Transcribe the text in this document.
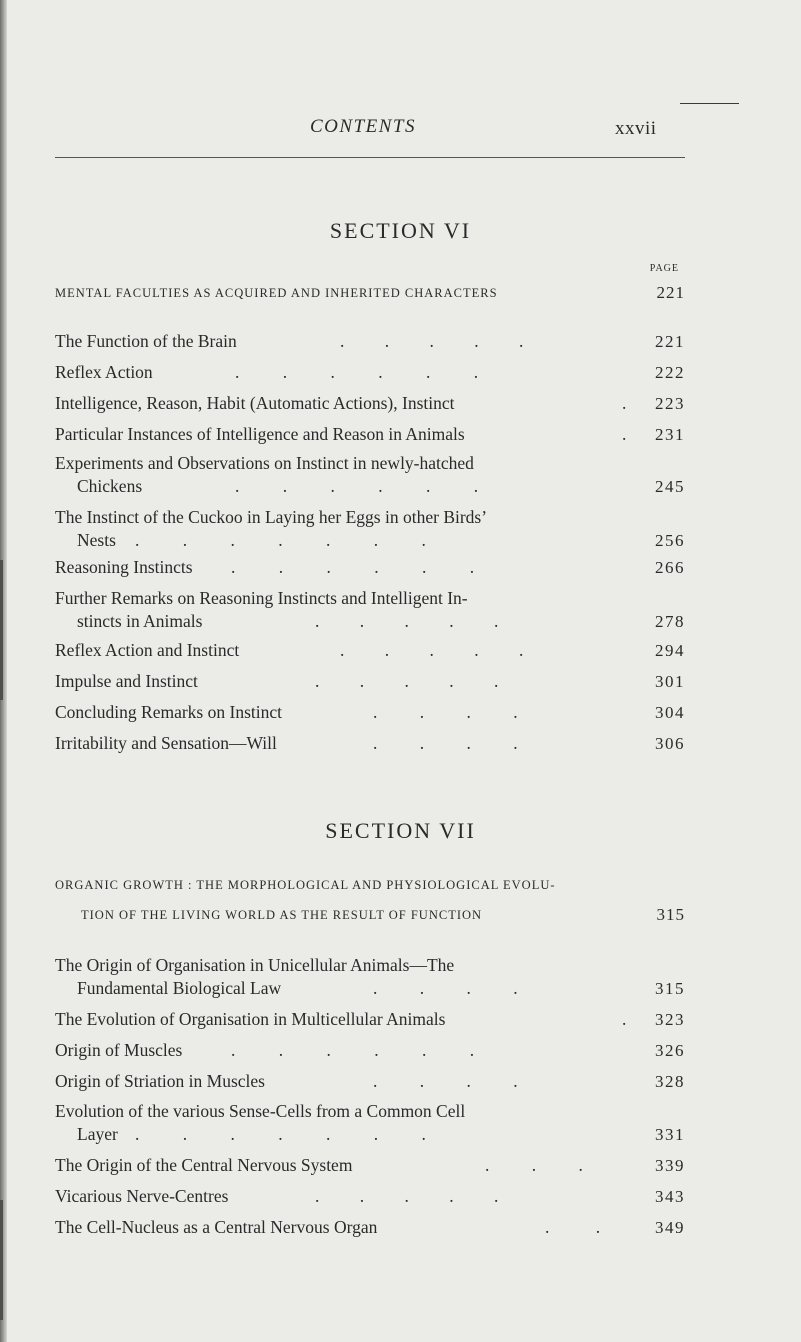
CONTENTS	xxvii
SECTION VI
PAGE
MENTAL FACULTIES AS ACQUIRED AND INHERITED CHARACTERS	221
The Function of the Brain	. . . . .	221
Reflex Action	. . . . . .	222
Intelligence, Reason, Habit (Automatic Actions), Instinct	. 223
Particular Instances of Intelligence and Reason in Animals	. 231
Experiments and Observations on Instinct in newly-hatched
Chickens	. . . . . .	245
The Instinct of the Cuckoo in Laying her Eggs in other Birds’
Nests	. . . . . . .	256
Reasoning Instincts	. . . . . .	266
Further Remarks on Reasoning Instincts and Intelligent In-
stincts in Animals	. . . . .	278
Reflex Action and Instinct	. . . . .	294
Impulse and Instinct	. . . . .	301
Concluding Remarks on Instinct	. . . .	304
Irritability and Sensation—Will	. . . .	306
SECTION VII
ORGANIC GROWTH : THE MORPHOLOGICAL AND PHYSIOLOGICAL EVOLU-
TION OF THE LIVING WORLD AS THE RESULT OF FUNCTION	315
The Origin of Organisation in Unicellular Animals—The
Fundamental Biological Law	. . . .	315
The Evolution of Organisation in Multicellular Animals	. 323
Origin of Muscles	. . . . . .	326
Origin of Striation in Muscles	. . . .	328
Evolution of the various Sense-Cells from a Common Cell
Layer . . . . . . .	331
The Origin of the Central Nervous System	. . .	339
Vicarious Nerve-Centres	. . . . .	343
The Cell-Nucleus as a Central Nervous Organ	. .	349
